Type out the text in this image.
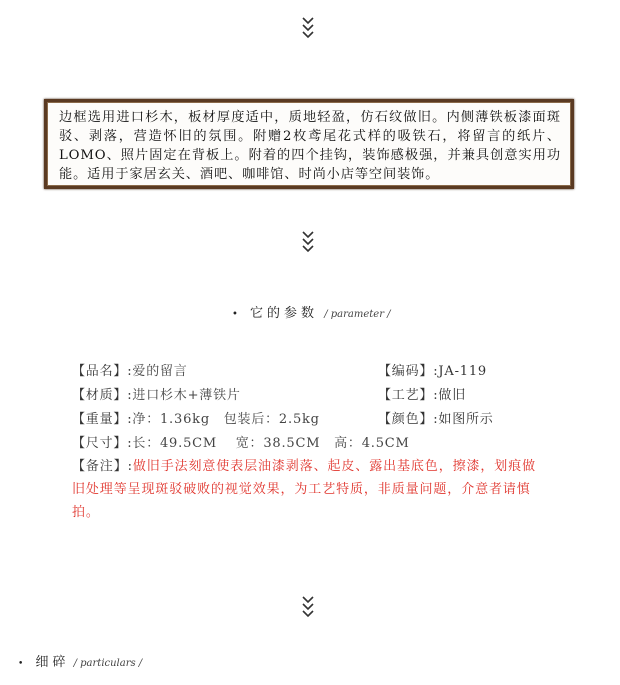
边框选用进口杉木，板材厚度适中，质地轻盈，仿石纹做旧。内侧薄铁板漆面斑驳、剥落，营造怀旧的氛围。附赠2枚鸢尾花式样的吸铁石，将留言的纸片、LOMO、照片固定在背板上。附着的四个挂钩，装饰感极强，并兼具创意实用功能。适用于家居玄关、酒吧、咖啡馆、时尚小店等空间装饰。

• 它的参数 / parameter /
【品名】:爱的留言	【编码】:JA-119
【材质】:进口杉木+薄铁片	【工艺】:做旧
【重量】:净：1.36kg　包装后：2.5kg	【颜色】:如图所示
【尺寸】:长：49.5CM　 宽：38.5CM　高：4.5CM
【备注】:做旧手法刻意使表层油漆剥落、起皮、露出基底色，擦漆，划痕做旧处理等呈现斑驳破败的视觉效果，为工艺特质，非质量问题，介意者请慎拍。
• 细碎 / particulars /
